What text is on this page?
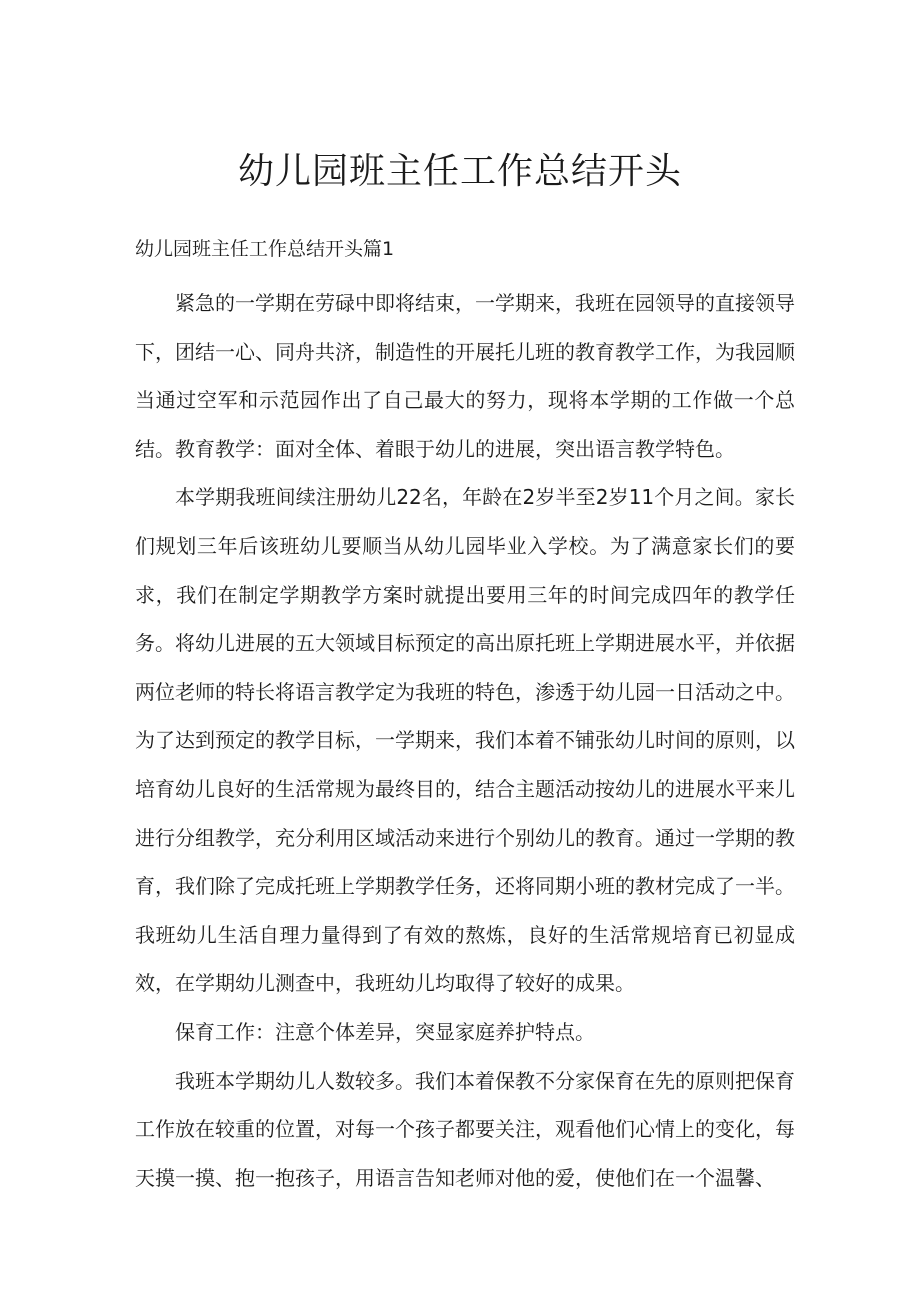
幼儿园班主任工作总结开头
幼儿园班主任工作总结开头篇1

紧急的一学期在劳碌中即将结束，一学期来，我班在园领导的直接领导下，团结一心、同舟共济，制造性的开展托儿班的教育教学工作，为我园顺当通过空军和示范园作出了自己最大的努力，现将本学期的工作做一个总结。教育教学：面对全体、着眼于幼儿的进展，突出语言教学特色。

本学期我班间续注册幼儿22名，年龄在2岁半至2岁11个月之间。家长们规划三年后该班幼儿要顺当从幼儿园毕业入学校。为了满意家长们的要求，我们在制定学期教学方案时就提出要用三年的时间完成四年的教学任务。将幼儿进展的五大领域目标预定的高出原托班上学期进展水平，并依据两位老师的特长将语言教学定为我班的特色，渗透于幼儿园一日活动之中。为了达到预定的教学目标，一学期来，我们本着不铺张幼儿时间的原则，以培育幼儿良好的生活常规为最终目的，结合主题活动按幼儿的进展水平来儿进行分组教学，充分利用区域活动来进行个别幼儿的教育。通过一学期的教育，我们除了完成托班上学期教学任务，还将同期小班的教材完成了一半。我班幼儿生活自理力量得到了有效的熬炼，良好的生活常规培育已初显成效，在学期幼儿测查中，我班幼儿均取得了较好的成果。

保育工作：注意个体差异，突显家庭养护特点。

我班本学期幼儿人数较多。我们本着保教不分家保育在先的原则把保育工作放在较重的位置，对每一个孩子都要关注，观看他们心情上的变化，每天摸一摸、抱一抱孩子，用语言告知老师对他的爱，使他们在一个温馨、
